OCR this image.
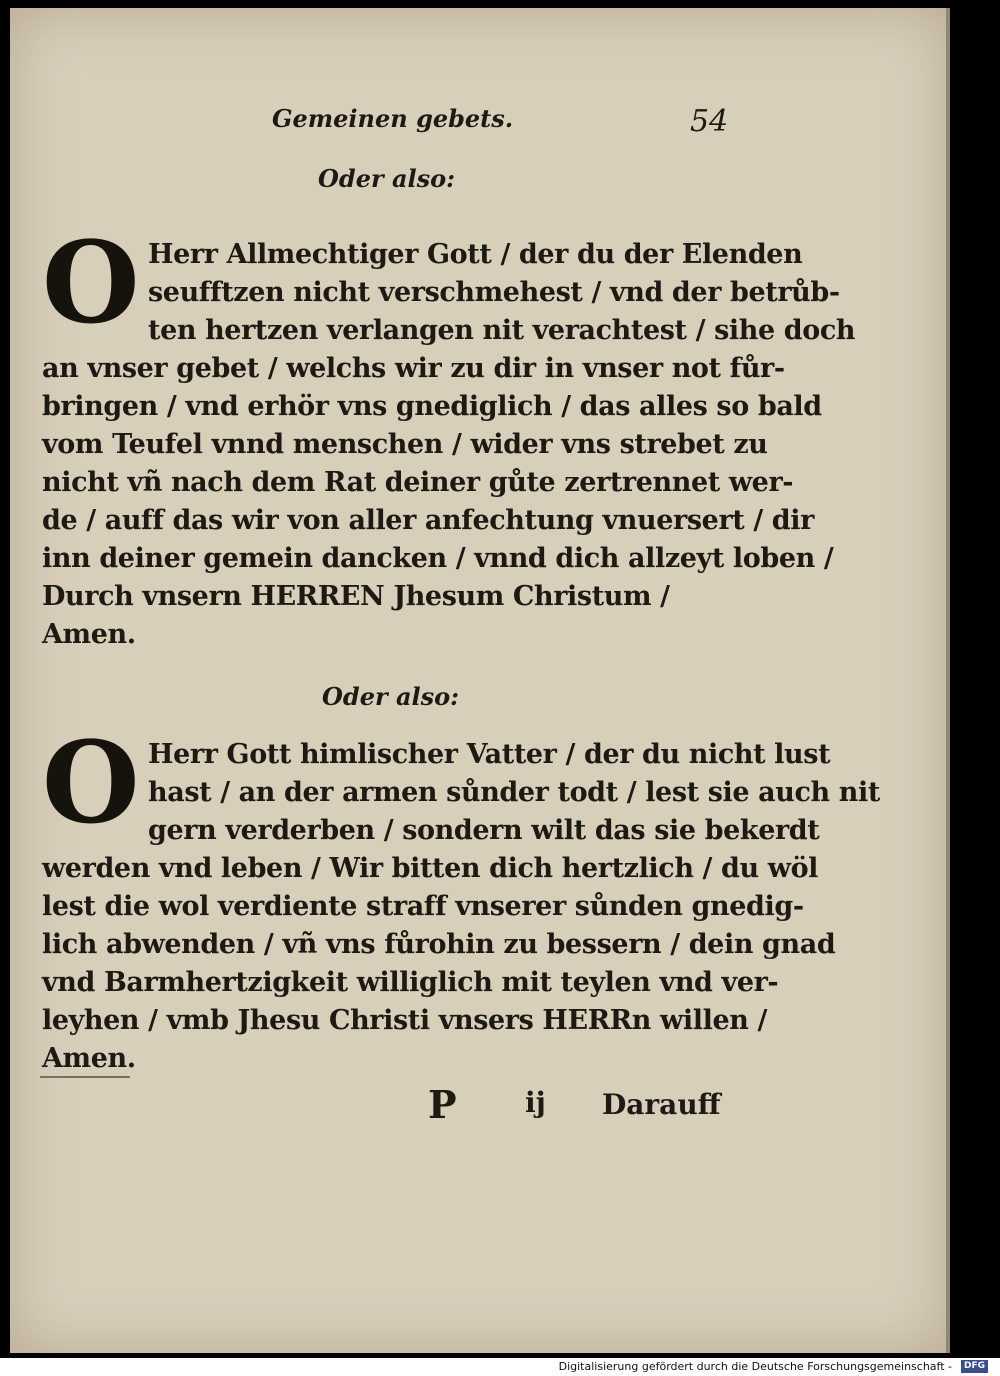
Gemeinen gebets.	54
Oder also:
O Herr Allmechtiger Gott / der du der Elenden
seufftzen nicht verschmehest / vnd der betrůb-
ten hertzen verlangen nit verachtest / sihe doch
an vnser gebet / welchs wir zu dir in vnser not fůr-
bringen / vnd erhör vns gnediglich / das alles so bald
vom Teufel vnnd menschen / wider vns strebet zu
nicht vñ nach dem Rat deiner gůte zertrennet wer-
de / auff das wir von aller anfechtung vnuersert / dir
inn deiner gemein dancken / vnnd dich allzeyt loben /
Durch vnsern HERREN Jhesum Christum /
Amen.
Oder also:
O Herr Gott himlischer Vatter / der du nicht lust
hast / an der armen sůnder todt / lest sie auch nit
gern verderben / sondern wilt das sie bekerdt
werden vnd leben / Wir bitten dich hertzlich / du wöl
lest die wol verdiente straff vnserer sůnden gnedig-
lich abwenden / vñ vns fůrohin zu bessern / dein gnad
vnd Barmhertzigkeit williglich mit teylen vnd ver-
leyhen / vmb Jhesu Christi vnsers HERRn willen /
Amen.
P ij Darauff
Digitalisierung gefördert durch die Deutsche Forschungsgemeinschaft -	DFG
